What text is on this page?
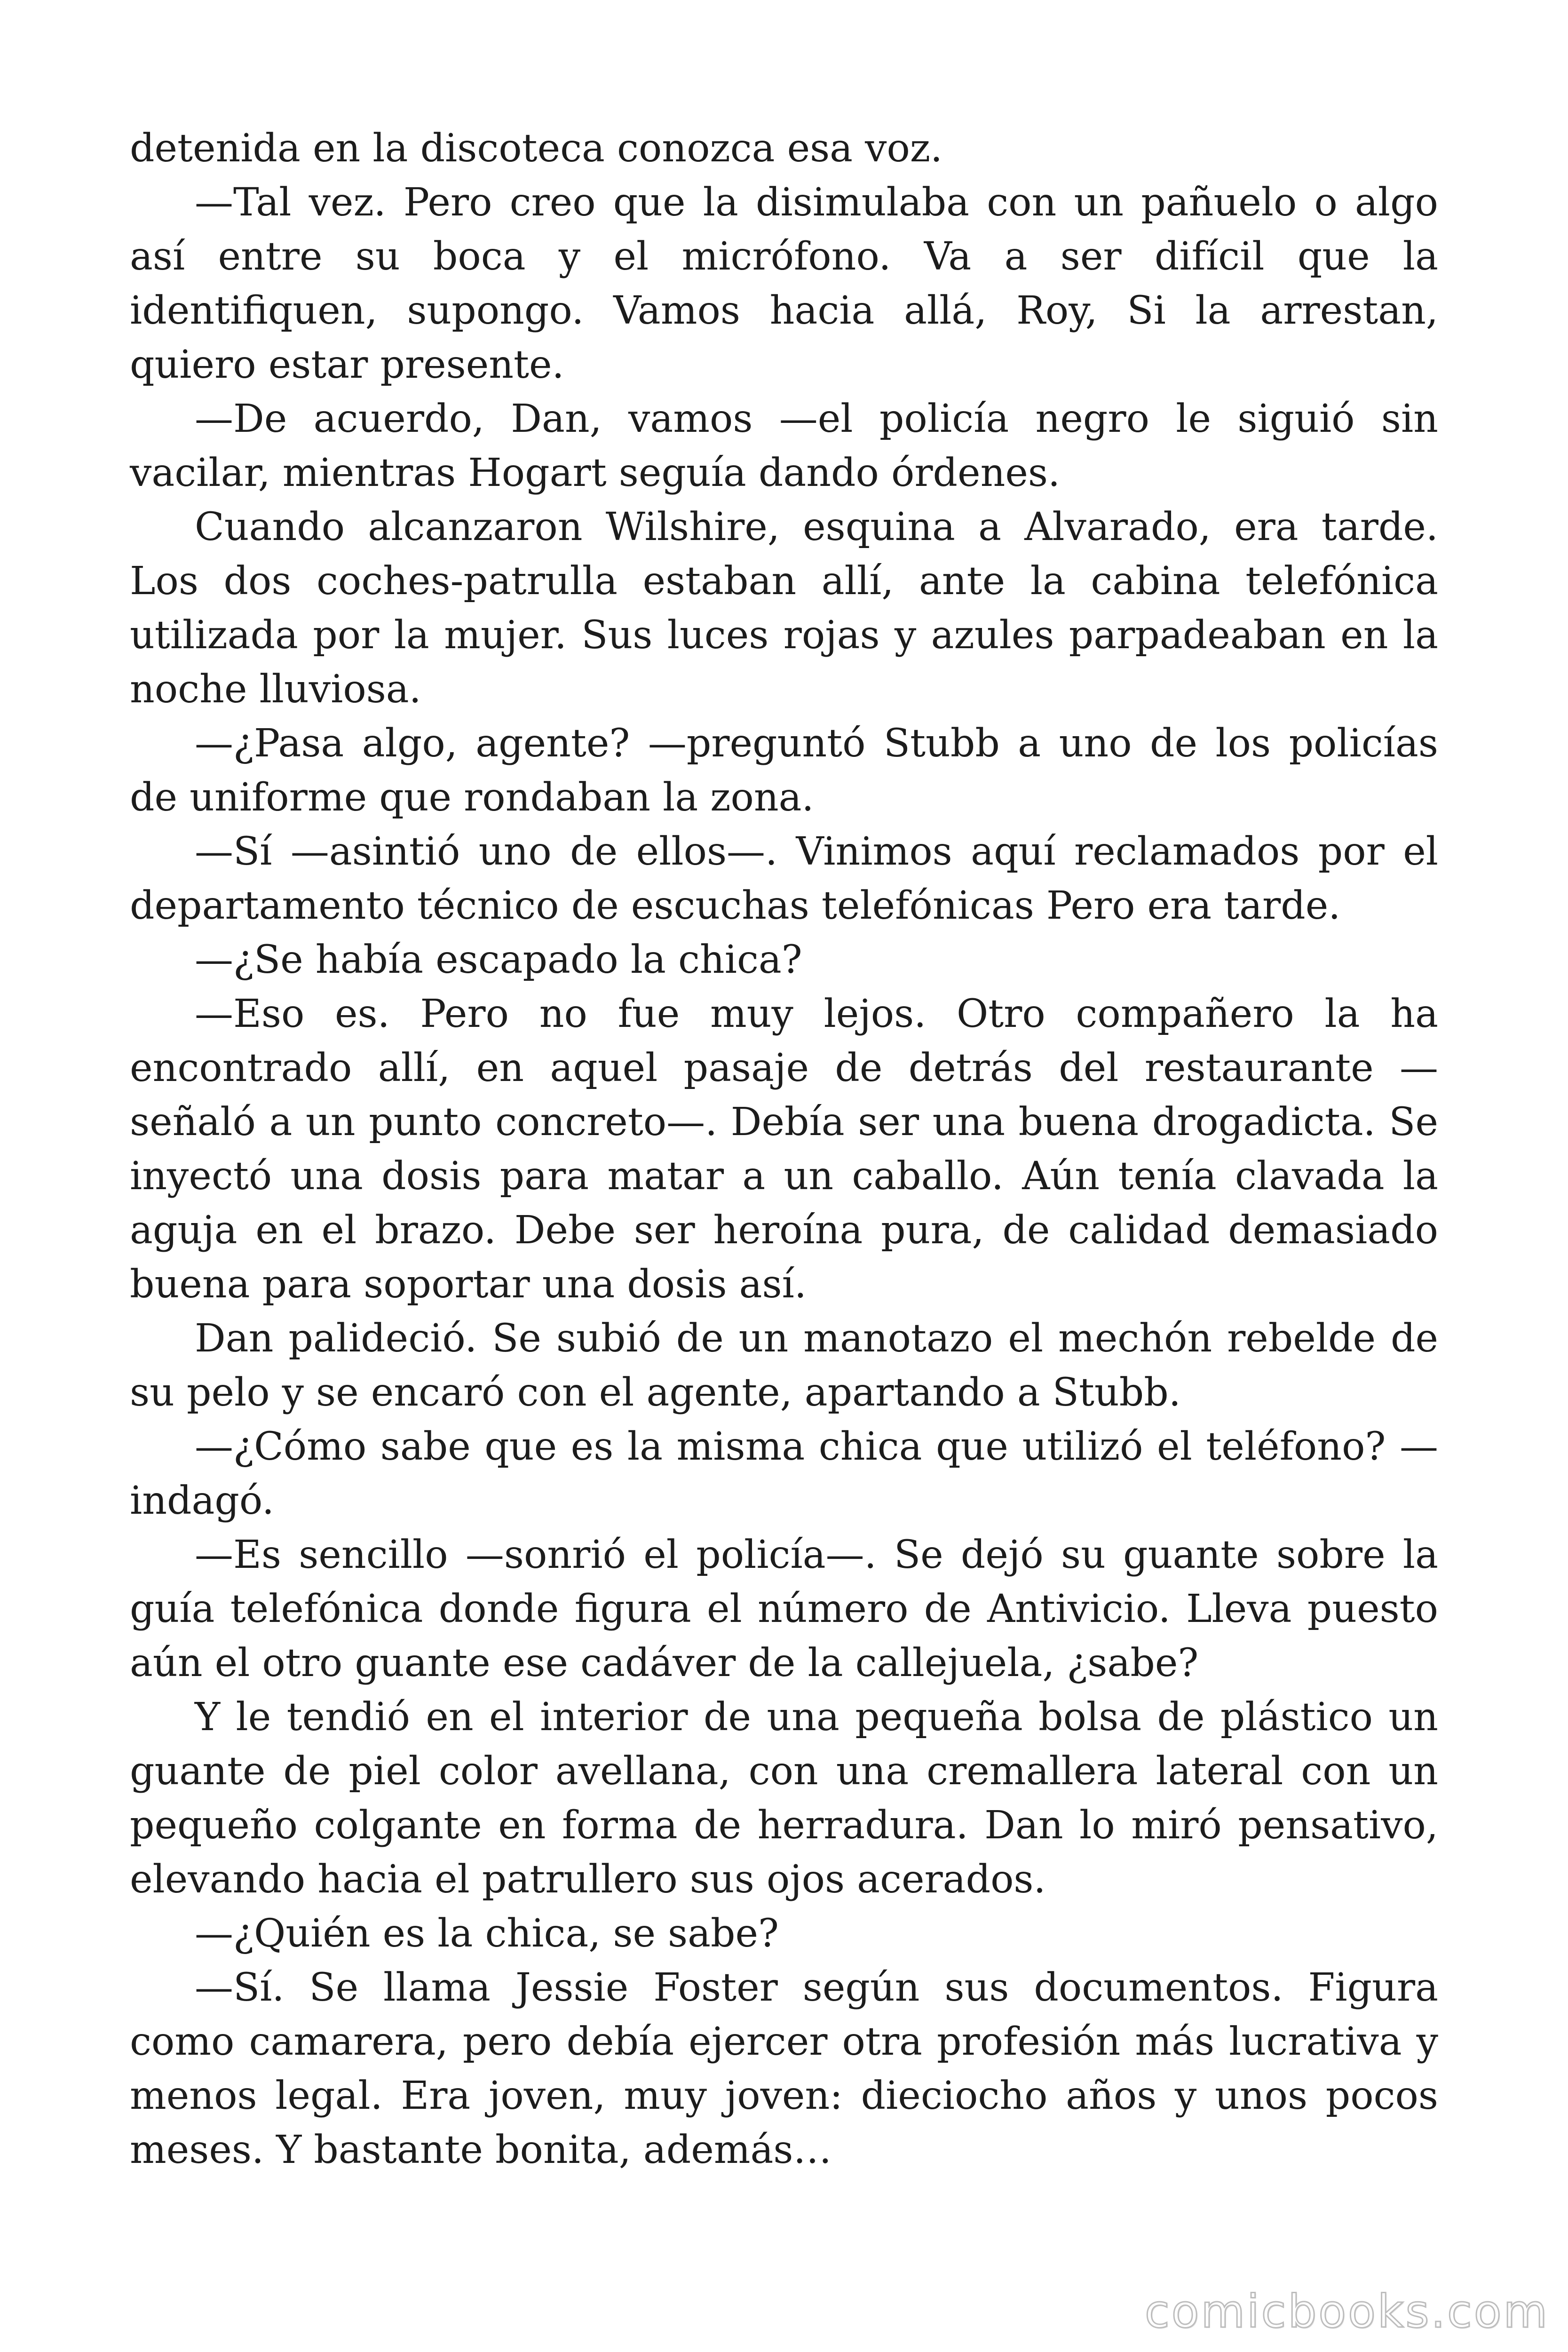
detenida en la discoteca conozca esa voz.

—Tal vez. Pero creo que la disimulaba con un pañuelo o algo así entre su boca y el micrófono. Va a ser difícil que la identifiquen, supongo. Vamos hacia allá, Roy, Si la arrestan, quiero estar presente.

—De acuerdo, Dan, vamos —el policía negro le siguió sin vacilar, mientras Hogart seguía dando órdenes.

Cuando alcanzaron Wilshire, esquina a Alvarado, era tarde. Los dos coches-patrulla estaban allí, ante la cabina telefónica utilizada por la mujer. Sus luces rojas y azules parpadeaban en la noche lluviosa.

—¿Pasa algo, agente? —preguntó Stubb a uno de los policías de uniforme que rondaban la zona.

—Sí —asintió uno de ellos—. Vinimos aquí reclamados por el departamento técnico de escuchas telefónicas Pero era tarde.

—¿Se había escapado la chica?

—Eso es. Pero no fue muy lejos. Otro compañero la ha encontrado allí, en aquel pasaje de detrás del restaurante —señaló a un punto concreto—. Debía ser una buena drogadicta. Se inyectó una dosis para matar a un caballo. Aún tenía clavada la aguja en el brazo. Debe ser heroína pura, de calidad demasiado buena para soportar una dosis así.

Dan palideció. Se subió de un manotazo el mechón rebelde de su pelo y se encaró con el agente, apartando a Stubb.

—¿Cómo sabe que es la misma chica que utilizó el teléfono? —indagó.

—Es sencillo —sonrió el policía—. Se dejó su guante sobre la guía telefónica donde figura el número de Antivicio. Lleva puesto aún el otro guante ese cadáver de la callejuela, ¿sabe?

Y le tendió en el interior de una pequeña bolsa de plástico un guante de piel color avellana, con una cremallera lateral con un pequeño colgante en forma de herradura. Dan lo miró pensativo, elevando hacia el patrullero sus ojos acerados.

—¿Quién es la chica, se sabe?

—Sí. Se llama Jessie Foster según sus documentos. Figura como camarera, pero debía ejercer otra profesión más lucrativa y menos legal. Era joven, muy joven: dieciocho años y unos pocos meses. Y bastante bonita, además…

comicbooks.com
